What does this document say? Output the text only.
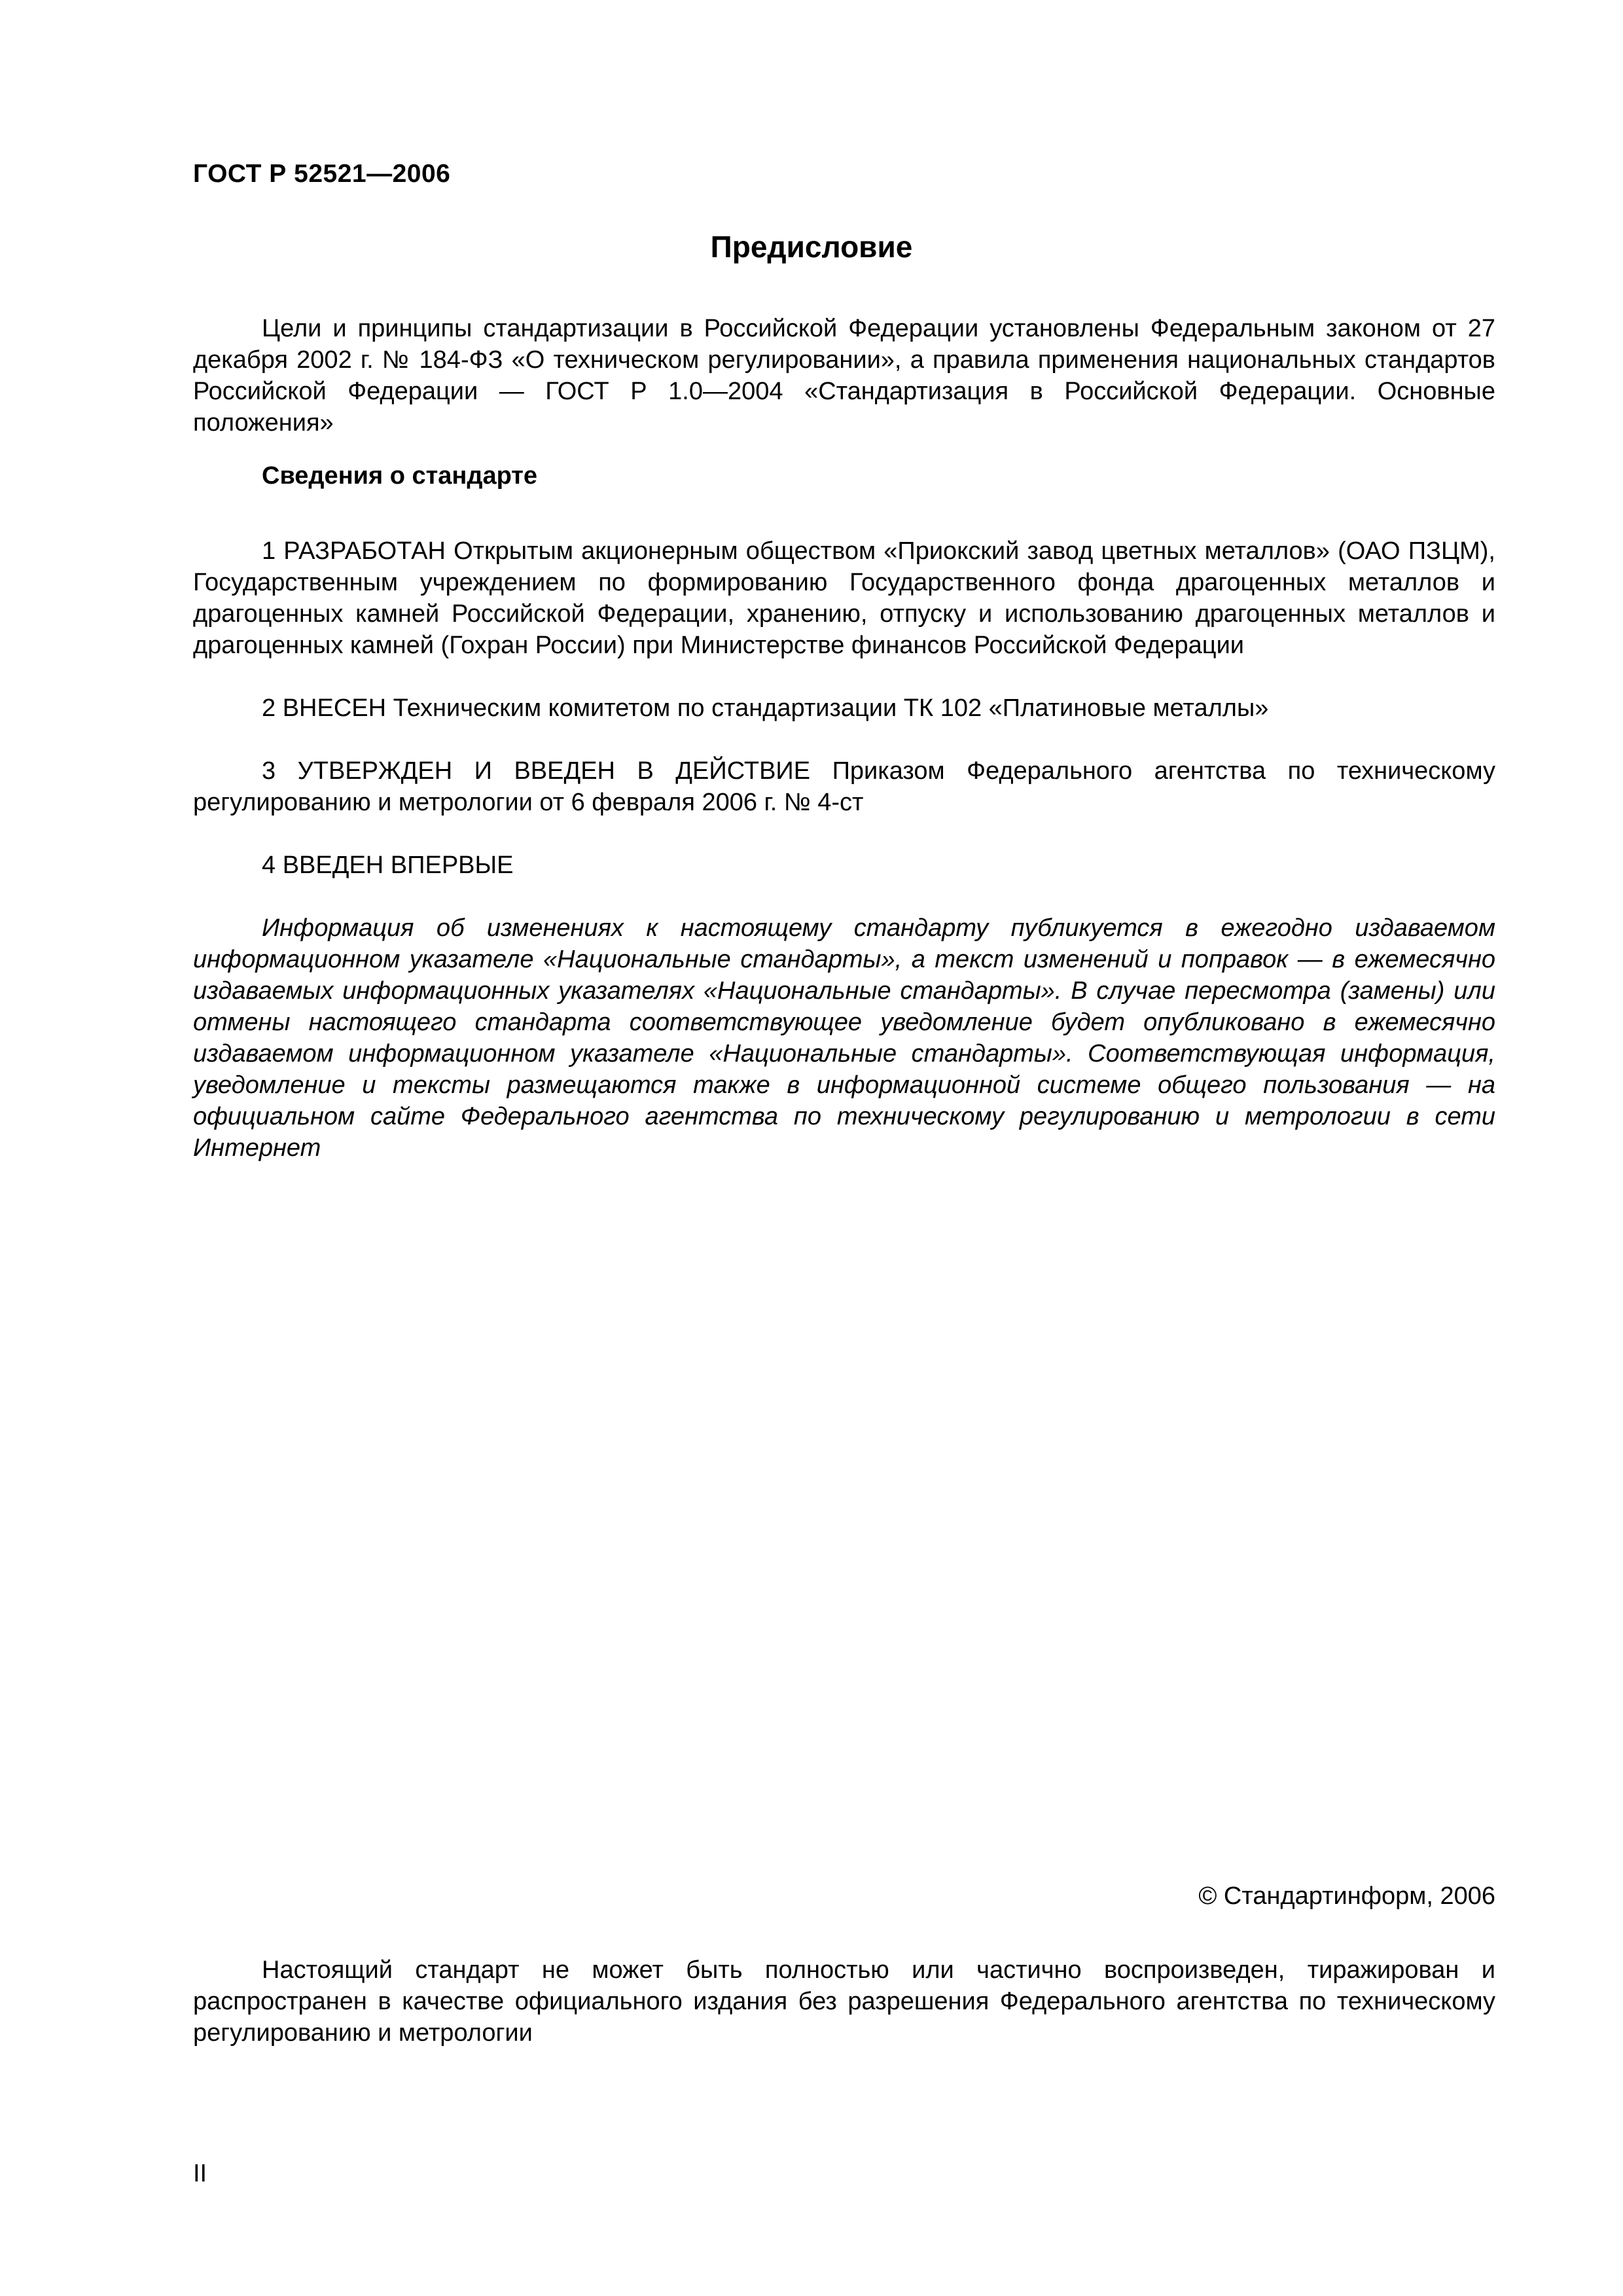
ГОСТ Р 52521—2006
Предисловие

Цели и принципы стандартизации в Российской Федерации установлены Федеральным законом от 27 декабря 2002 г. № 184-ФЗ «О техническом регулировании», а правила применения национальных стандартов Российской Федерации — ГОСТ Р 1.0—2004 «Стандартизация в Российской Федерации. Основные положения»

Сведения о стандарте

1 РАЗРАБОТАН Открытым акционерным обществом «Приокский завод цветных металлов» (ОАО ПЗЦМ), Государственным учреждением по формированию Государственного фонда драгоценных металлов и драгоценных камней Российской Федерации, хранению, отпуску и использованию драгоценных металлов и драгоценных камней (Гохран России) при Министерстве финансов Российской Федерации

2 ВНЕСЕН Техническим комитетом по стандартизации ТК 102 «Платиновые металлы»

3 УТВЕРЖДЕН И ВВЕДЕН В ДЕЙСТВИЕ Приказом Федерального агентства по техническому регулированию и метрологии от 6 февраля 2006 г. № 4-ст

4 ВВЕДЕН ВПЕРВЫЕ

Информация об изменениях к настоящему стандарту публикуется в ежегодно издаваемом информационном указателе «Национальные стандарты», а текст изменений и поправок — в ежемесячно издаваемых информационных указателях «Национальные стандарты». В случае пересмотра (замены) или отмены настоящего стандарта соответствующее уведомление будет опубликовано в ежемесячно издаваемом информационном указателе «Национальные стандарты». Соответствующая информация, уведомление и тексты размещаются также в информационной системе общего пользования — на официальном сайте Федерального агентства по техническому регулированию и метрологии в сети Интернет

© Стандартинформ, 2006

Настоящий стандарт не может быть полностью или частично воспроизведен, тиражирован и распространен в качестве официального издания без разрешения Федерального агентства по техническому регулированию и метрологии

II
